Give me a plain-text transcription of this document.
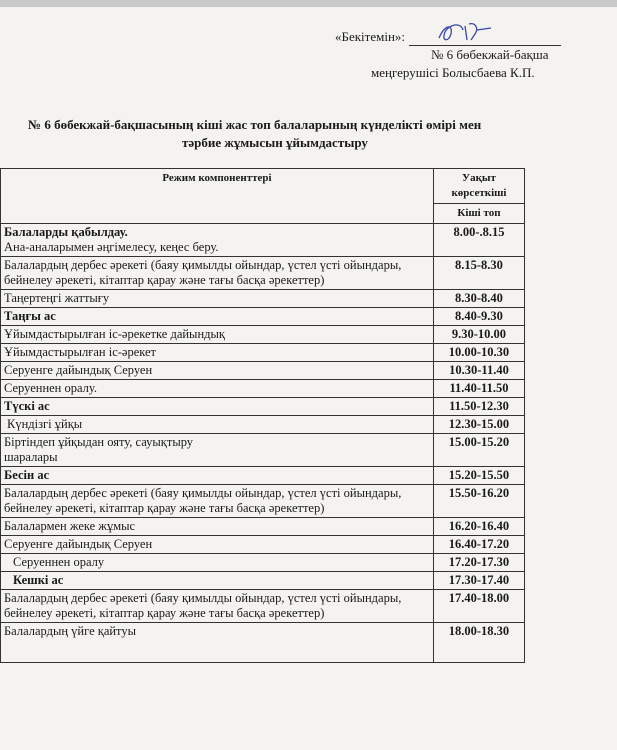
«Бекітемін»:
№ 6 бөбекжай-бақша
меңгерушісі Болысбаева К.П.
№ 6 бөбекжай-бақшасының кіші жас топ балаларының күнделікті өмірі мен
тәрбие жұмысын ұйымдастыру
Режим компоненттері	Уақыт көрсеткіші
	Кіші топ

Балаларды қабылдау.
Ана-аналарымен әңгімелесу, кеңес беру.	8.00-.8.15
Балалардың дербес әрекеті (баяу қимылды ойындар, үстел үсті ойындары, бейнелеу әрекеті, кітаптар қарау және тағы басқа әрекеттер)	8.15-8.30
Таңертеңгі жаттығу	8.30-8.40
Таңғы ас	8.40-9.30
Ұйымдастырылған іс-әрекетке дайындық	9.30-10.00
Ұйымдастырылған іс-әрекет	10.00-10.30
Серуенге дайындық Серуен	10.30-11.40
Серуеннен оралу.	11.40-11.50
Түскі ас	11.50-12.30
Күндізгі ұйқы	12.30-15.00
Біртіндеп ұйқыдан ояту, сауықтыру шаралары	15.00-15.20
Бесін ас	15.20-15.50
Балалардың дербес әрекеті (баяу қимылды ойындар, үстел үсті ойындары, бейнелеу әрекеті, кітаптар қарау және тағы басқа әрекеттер)	15.50-16.20
Балалармен жеке жұмыс	16.20-16.40
Серуенге дайындық Серуен	16.40-17.20
Серуеннен оралу	17.20-17.30
Кешкі ас	17.30-17.40
Балалардың дербес әрекеті (баяу қимылды ойындар, үстел үсті ойындары, бейнелеу әрекеті, кітаптар қарау және тағы басқа әрекеттер)	17.40-18.00
Балалардың үйге қайтуы	18.00-18.30
